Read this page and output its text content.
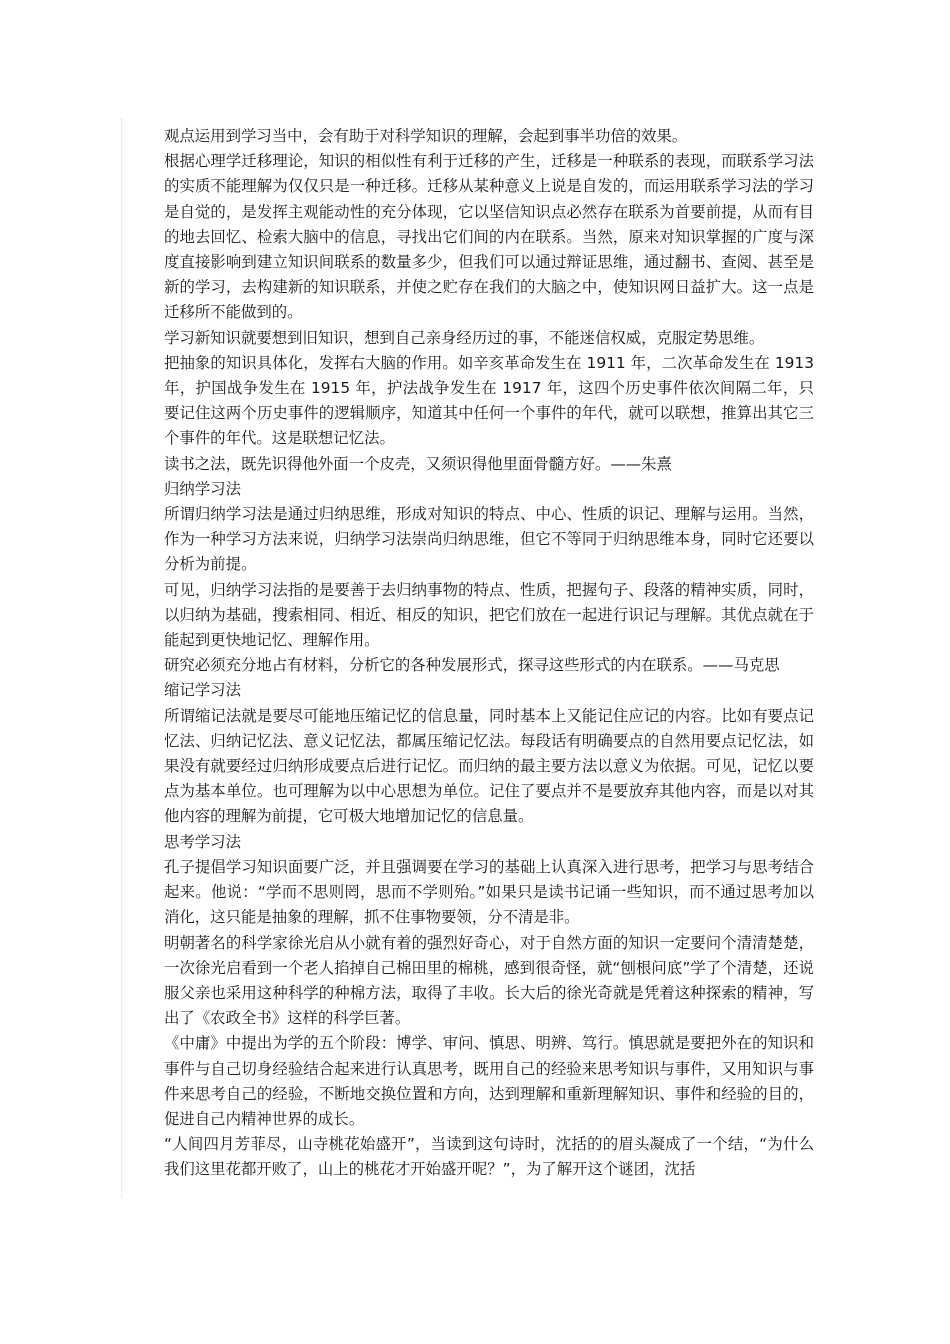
观点运用到学习当中，会有助于对科学知识的理解，会起到事半功倍的效果。

根据心理学迁移理论，知识的相似性有利于迁移的产生，迁移是一种联系的表现，而联系学习法的实质不能理解为仅仅只是一种迁移。迁移从某种意义上说是自发的，而运用联系学习法的学习是自觉的，是发挥主观能动性的充分体现，它以坚信知识点必然存在联系为首要前提，从而有目的地去回忆、检索大脑中的信息，寻找出它们间的内在联系。当然，原来对知识掌握的广度与深度直接影响到建立知识间联系的数量多少，但我们可以通过辩证思维，通过翻书、查阅、甚至是新的学习，去构建新的知识联系，并使之贮存在我们的大脑之中，使知识网日益扩大。这一点是迁移所不能做到的。

学习新知识就要想到旧知识，想到自己亲身经历过的事，不能迷信权威，克服定势思维。

把抽象的知识具体化，发挥右大脑的作用。如辛亥革命发生在 1911 年，二次革命发生在 1913 年，护国战争发生在 1915 年，护法战争发生在 1917 年，这四个历史事件依次间隔二年，只要记住这两个历史事件的逻辑顺序，知道其中任何一个事件的年代，就可以联想，推算出其它三个事件的年代。这是联想记忆法。

读书之法，既先识得他外面一个皮壳，又须识得他里面骨髓方好。——朱熹

归纳学习法

所谓归纳学习法是通过归纳思维，形成对知识的特点、中心、性质的识记、理解与运用。当然，作为一种学习方法来说，归纳学习法崇尚归纳思维，但它不等同于归纳思维本身，同时它还要以分析为前提。

可见，归纳学习法指的是要善于去归纳事物的特点、性质，把握句子、段落的精神实质，同时，以归纳为基础，搜索相同、相近、相反的知识，把它们放在一起进行识记与理解。其优点就在于能起到更快地记忆、理解作用。

研究必须充分地占有材料，分析它的各种发展形式，探寻这些形式的内在联系。——马克思

缩记学习法

所谓缩记法就是要尽可能地压缩记忆的信息量，同时基本上又能记住应记的内容。比如有要点记忆法、归纳记忆法、意义记忆法，都属压缩记忆法。每段话有明确要点的自然用要点记忆法，如果没有就要经过归纳形成要点后进行记忆。而归纳的最主要方法以意义为依据。可见，记忆以要点为基本单位。也可理解为以中心思想为单位。记住了要点并不是要放弃其他内容，而是以对其他内容的理解为前提，它可极大地增加记忆的信息量。

思考学习法

孔子提倡学习知识面要广泛，并且强调要在学习的基础上认真深入进行思考，把学习与思考结合起来。他说：“学而不思则罔，思而不学则殆。”如果只是读书记诵一些知识，而不通过思考加以消化，这只能是抽象的理解，抓不住事物要领，分不清是非。

明朝著名的科学家徐光启从小就有着的强烈好奇心，对于自然方面的知识一定要问个清清楚楚，一次徐光启看到一个老人掐掉自己棉田里的棉桃，感到很奇怪，就“刨根问底”学了个清楚，还说服父亲也采用这种科学的种棉方法，取得了丰收。长大后的徐光奇就是凭着这种探索的精神，写出了《农政全书》这样的科学巨著。

《中庸》中提出为学的五个阶段：博学、审问、慎思、明辨、笃行。慎思就是要把外在的知识和事件与自己切身经验结合起来进行认真思考，既用自己的经验来思考知识与事件，又用知识与事件来思考自己的经验，不断地交换位置和方向，达到理解和重新理解知识、事件和经验的目的，促进自己内精神世界的成长。

“人间四月芳菲尽，山寺桃花始盛开”，当读到这句诗时，沈括的的眉头凝成了一个结，“为什么我们这里花都开败了，山上的桃花才开始盛开呢？”，为了解开这个谜团，沈括
